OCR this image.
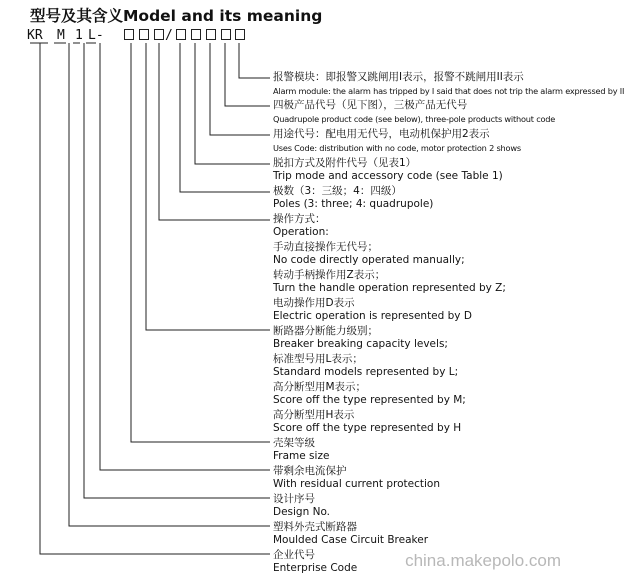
型号及其含义Model and its meaning
KR M 1 L-	/
报警模块：即报警又跳闸用I表示，报警不跳闸用II表示
Alarm module: the alarm has tripped by I said that does not trip the alarm expressed by II
四极产品代号（见下图），三极产品无代号
Quadrupole product code (see below), three-pole products without code
用途代号：配电用无代号，电动机保护用2表示
Uses Code: distribution with no code, motor protection 2 shows
脱扣方式及附件代号（见表1）
Trip mode and accessory code (see Table 1)
极数（3：三级；4：四级）
Poles (3: three; 4: quadrupole)
操作方式：
Operation:
手动直接操作无代号；
No code directly operated manually;
转动手柄操作用Z表示；
Turn the handle operation represented by Z;
电动操作用D表示
Electric operation is represented by D
断路器分断能力级别；
Breaker breaking capacity levels;
标准型号用L表示；
Standard models represented by L;
高分断型用M表示；
Score off the type represented by M;
高分断型用H表示
Score off the type represented by H
壳架等级
Frame size
带剩余电流保护
With residual current protection
设计序号
Design No.
塑料外壳式断路器
Moulded Case Circuit Breaker
企业代号
Enterprise Code	china.makepolo.com
